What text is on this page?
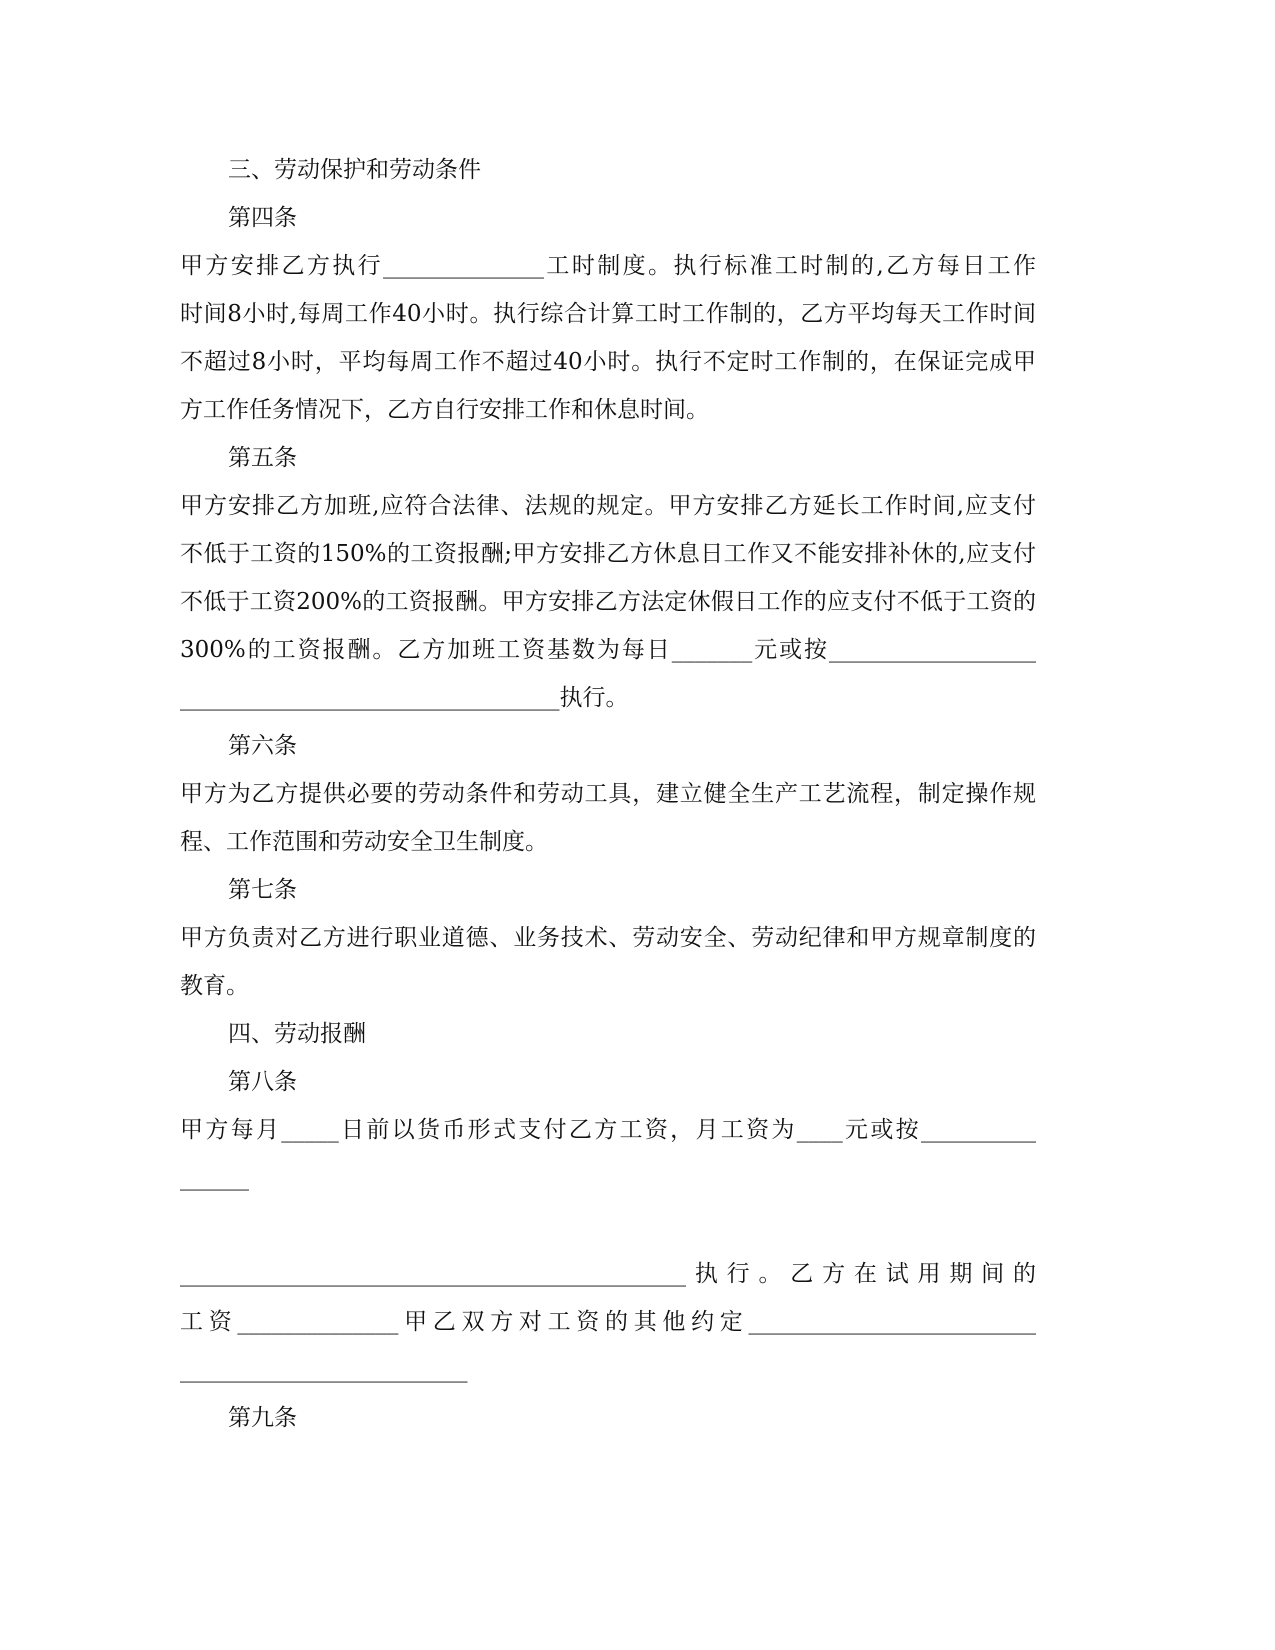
三、劳动保护和劳动条件
第四条
甲方安排乙方执行______________工时制度。执行标准工时制的,乙方每日工作
时间8小时,每周工作40小时。执行综合计算工时工作制的，乙方平均每天工作时间
不超过8小时，平均每周工作不超过40小时。执行不定时工作制的，在保证完成甲
方工作任务情况下，乙方自行安排工作和休息时间。
第五条
甲方安排乙方加班,应符合法律、法规的规定。甲方安排乙方延长工作时间,应支付
不低于工资的150%的工资报酬;甲方安排乙方休息日工作又不能安排补休的,应支付
不低于工资200%的工资报酬。甲方安排乙方法定休假日工作的应支付不低于工资的
300%的工资报酬。乙方加班工资基数为每日_______元或按__________________
_________________________________执行。
第六条
甲方为乙方提供必要的劳动条件和劳动工具，建立健全生产工艺流程，制定操作规
程、工作范围和劳动安全卫生制度。
第七条
甲方负责对乙方进行职业道德、业务技术、劳动安全、劳动纪律和甲方规章制度的
教育。
四、劳动报酬
第八条
甲方每月_____日前以货币形式支付乙方工资，月工资为____元或按__________
______
____________________________________________执行。乙方在试用期间的
工资______________甲乙双方对工资的其他约定_________________________
_________________________
第九条
